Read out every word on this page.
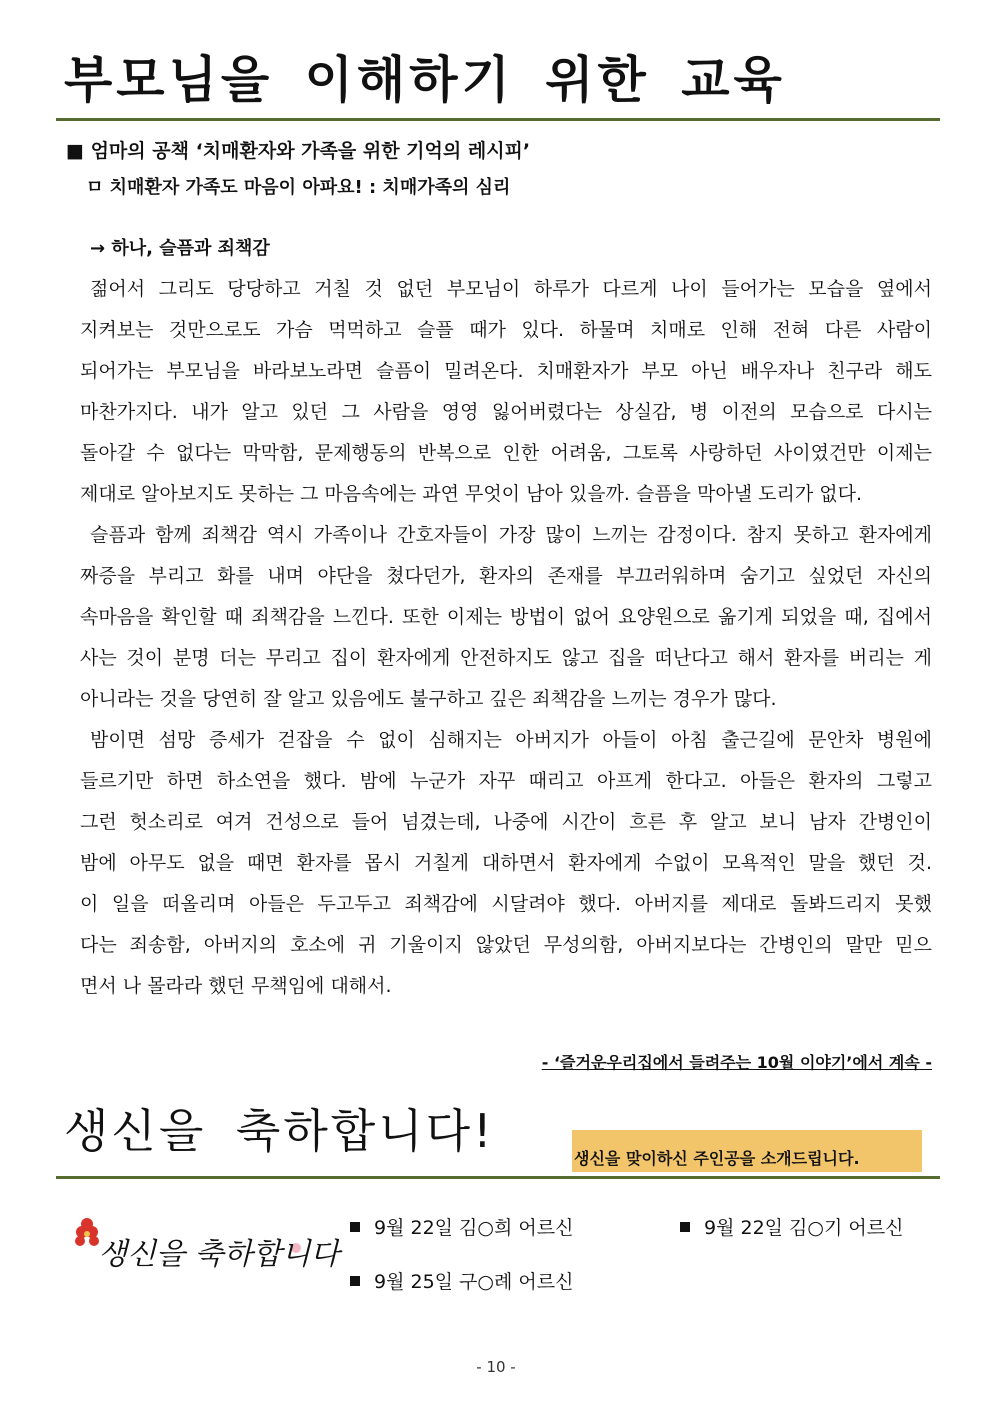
부모님을 이해하기 위한 교육
■ 엄마의 공책 ‘치매환자와 가족을 위한 기억의 레시피’
ㅁ 치매환자 가족도 마음이 아파요! : 치매가족의 심리
→ 하나, 슬픔과 죄책감
젊어서 그리도 당당하고 거칠 것 없던 부모님이 하루가 다르게 나이 들어가는 모습을 옆에서
지켜보는 것만으로도 가슴 먹먹하고 슬플 때가 있다. 하물며 치매로 인해 전혀 다른 사람이
되어가는 부모님을 바라보노라면 슬픔이 밀려온다. 치매환자가 부모 아닌 배우자나 친구라 해도
마찬가지다. 내가 알고 있던 그 사람을 영영 잃어버렸다는 상실감, 병 이전의 모습으로 다시는
돌아갈 수 없다는 막막함, 문제행동의 반복으로 인한 어려움, 그토록 사랑하던 사이였건만 이제는
제대로 알아보지도 못하는 그 마음속에는 과연 무엇이 남아 있을까. 슬픔을 막아낼 도리가 없다.
슬픔과 함께 죄책감 역시 가족이나 간호자들이 가장 많이 느끼는 감정이다. 참지 못하고 환자에게
짜증을 부리고 화를 내며 야단을 쳤다던가, 환자의 존재를 부끄러워하며 숨기고 싶었던 자신의
속마음을 확인할 때 죄책감을 느낀다. 또한 이제는 방법이 없어 요양원으로 옮기게 되었을 때, 집에서
사는 것이 분명 더는 무리고 집이 환자에게 안전하지도 않고 집을 떠난다고 해서 환자를 버리는 게
아니라는 것을 당연히 잘 알고 있음에도 불구하고 깊은 죄책감을 느끼는 경우가 많다.
밤이면 섬망 증세가 걷잡을 수 없이 심해지는 아버지가 아들이 아침 출근길에 문안차 병원에
들르기만 하면 하소연을 했다. 밤에 누군가 자꾸 때리고 아프게 한다고. 아들은 환자의 그렇고
그런 헛소리로 여겨 건성으로 들어 넘겼는데, 나중에 시간이 흐른 후 알고 보니 남자 간병인이
밤에 아무도 없을 때면 환자를 몹시 거칠게 대하면서 환자에게 수없이 모욕적인 말을 했던 것.
이 일을 떠올리며 아들은 두고두고 죄책감에 시달려야 했다. 아버지를 제대로 돌봐드리지 못했
다는 죄송함, 아버지의 호소에 귀 기울이지 않았던 무성의함, 아버지보다는 간병인의 말만 믿으
면서 나 몰라라 했던 무책임에 대해서.
- ‘즐거운우리집에서 들려주는 10월 이야기’에서 계속 -
생신을 축하합니다!
생신을 맞이하신 주인공을 소개드립니다.
생신을 축하합니다
9월 22일 김○희 어르신	9월 22일 김○기 어르신
9월 25일 구○례 어르신
- 10 -
